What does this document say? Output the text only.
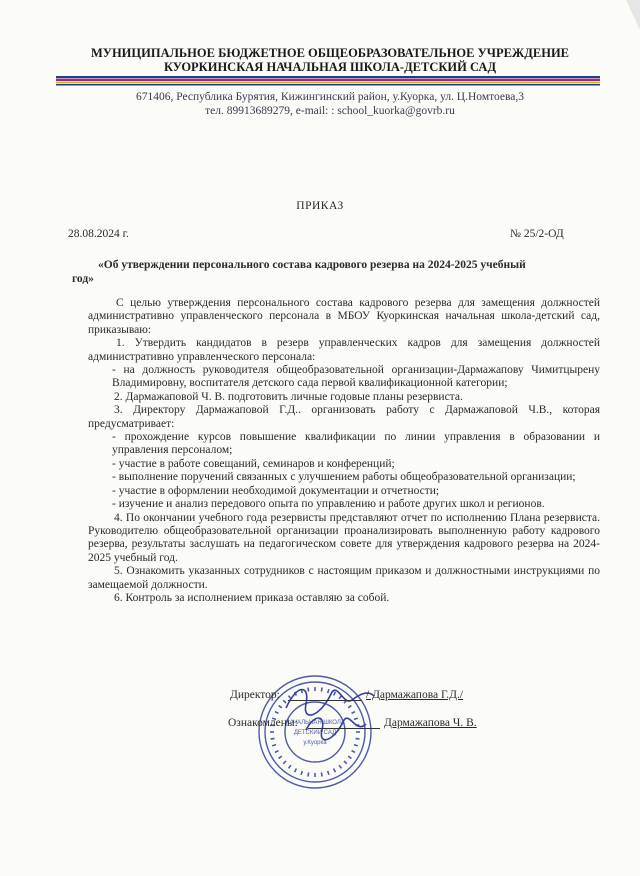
МУНИЦИПАЛЬНОЕ БЮДЖЕТНОЕ ОБЩЕОБРАЗОВАТЕЛЬНОЕ УЧРЕЖДЕНИЕ
КУОРКИНСКАЯ НАЧАЛЬНАЯ ШКОЛА-ДЕТСКИЙ САД
671406, Республика Бурятия, Кижингинский район, у.Куорка, ул. Ц.Номтоева,3
тел. 89913689279, e-mail: : school_kuorka@govrb.ru
ПРИКАЗ
28.08.2024 г.	№ 25/2-ОД
«Об утверждении персонального состава кадрового резерва на 2024-2025 учебный
год»

С целью утверждения персонального состава кадрового резерва для замещения должностей административно управленческого персонала в МБОУ Куоркинская начальная школа-детский сад, приказываю:

1. Утвердить кандидатов в резерв управленческих кадров для замещения должностей административно управленческого персонала:

- на должность руководителя общеобразовательной организации-Дармажапову Чимитцырену Владимировну, воспитателя детского сада первой квалификационной категории;

2. Дармажаповой Ч. В. подготовить личные годовые планы резервиста.

3. Директору Дармажаповой Г.Д.. организовать работу с Дармажаповой Ч.В., которая предусматривает:

- прохождение курсов повышение квалификации по линии управления в образовании и управления персоналом;

- участие в работе совещаний, семинаров и конференций;

- выполнение поручений связанных с улучшением работы общеобразовательной организации;

- участие в оформлении необходимой документации и отчетности;

- изучение и анализ передового опыта по управлению и работе других школ и регионов.

4. По окончании учебного года резервисты представляют отчет по исполнению Плана резервиста. Руководителю общеобразовательной организации проанализировать выполненную работу кадрового резерва, результаты заслушать на педагогическом совете для утверждения кадрового резерва на 2024-2025 учебный год.

5. Ознакомить указанных сотрудников с настоящим приказом и должностными инструкциями по замещаемой должности.

6. Контроль за исполнением приказа оставляю за собой.

НАЧАЛЬНАЯ ШКОЛА
ДЕТСКИЙ САД
у.Куорка
Директор:	/ Дармажапова Г.Д./
Ознакомлены:	Дармажапова Ч. В.
